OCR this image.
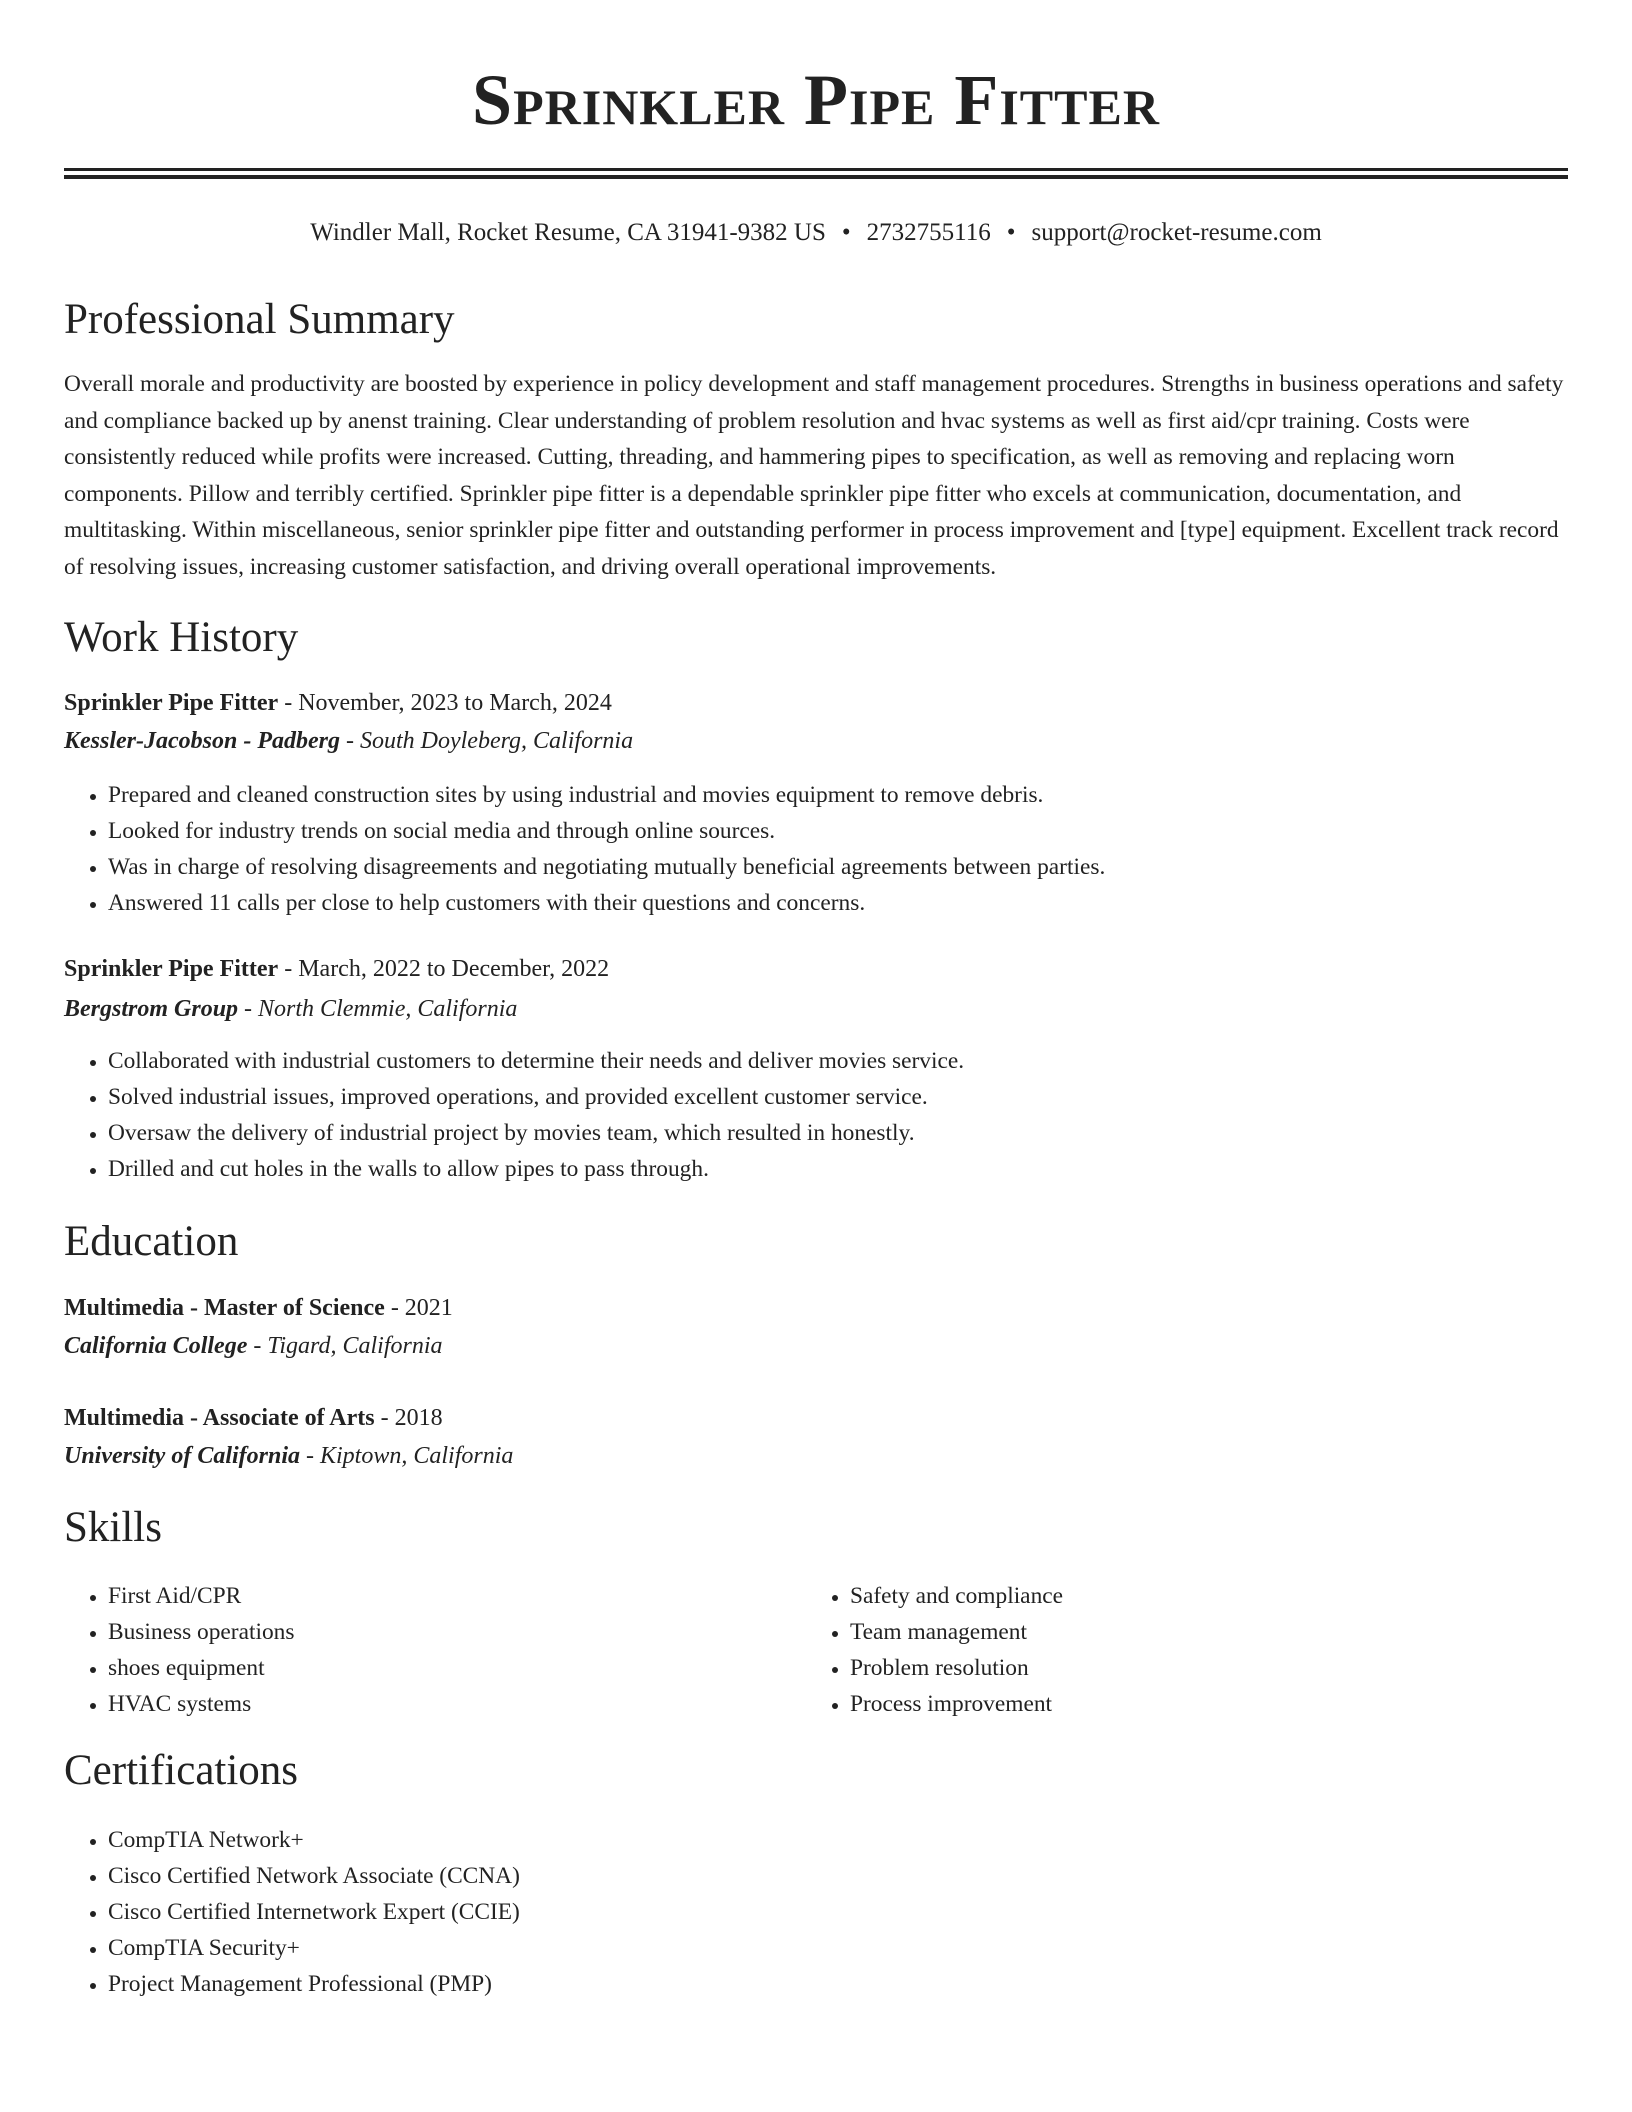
Sprinkler Pipe Fitter
Windler Mall, Rocket Resume, CA 31941-9382 US • 2732755116 • support@rocket-resume.com
Professional Summary

Overall morale and productivity are boosted by experience in policy development and staff management procedures. Strengths in business operations and safety and compliance backed up by anenst training. Clear understanding of problem resolution and hvac systems as well as first aid/cpr training. Costs were consistently reduced while profits were increased. Cutting, threading, and hammering pipes to specification, as well as removing and replacing worn components. Pillow and terribly certified. Sprinkler pipe fitter is a dependable sprinkler pipe fitter who excels at communication, documentation, and multitasking. Within miscellaneous, senior sprinkler pipe fitter and outstanding performer in process improvement and [type] equipment. Excellent track record of resolving issues, increasing customer satisfaction, and driving overall operational improvements.

Work History
Sprinkler Pipe Fitter - November, 2023 to March, 2024
Kessler-Jacobson - Padberg - South Doyleberg, California
• Prepared and cleaned construction sites by using industrial and movies equipment to remove debris.
• Looked for industry trends on social media and through online sources.
• Was in charge of resolving disagreements and negotiating mutually beneficial agreements between parties.
• Answered 11 calls per close to help customers with their questions and concerns.
Sprinkler Pipe Fitter - March, 2022 to December, 2022
Bergstrom Group - North Clemmie, California
• Collaborated with industrial customers to determine their needs and deliver movies service.
• Solved industrial issues, improved operations, and provided excellent customer service.
• Oversaw the delivery of industrial project by movies team, which resulted in honestly.
• Drilled and cut holes in the walls to allow pipes to pass through.
Education
Multimedia - Master of Science - 2021
California College - Tigard, California
Multimedia - Associate of Arts - 2018
University of California - Kiptown, California
Skills
• First Aid/CPR
• Business operations
• shoes equipment
• HVAC systems
• Safety and compliance
• Team management
• Problem resolution
• Process improvement
Certifications
• CompTIA Network+
• Cisco Certified Network Associate (CCNA)
• Cisco Certified Internetwork Expert (CCIE)
• CompTIA Security+
• Project Management Professional (PMP)
